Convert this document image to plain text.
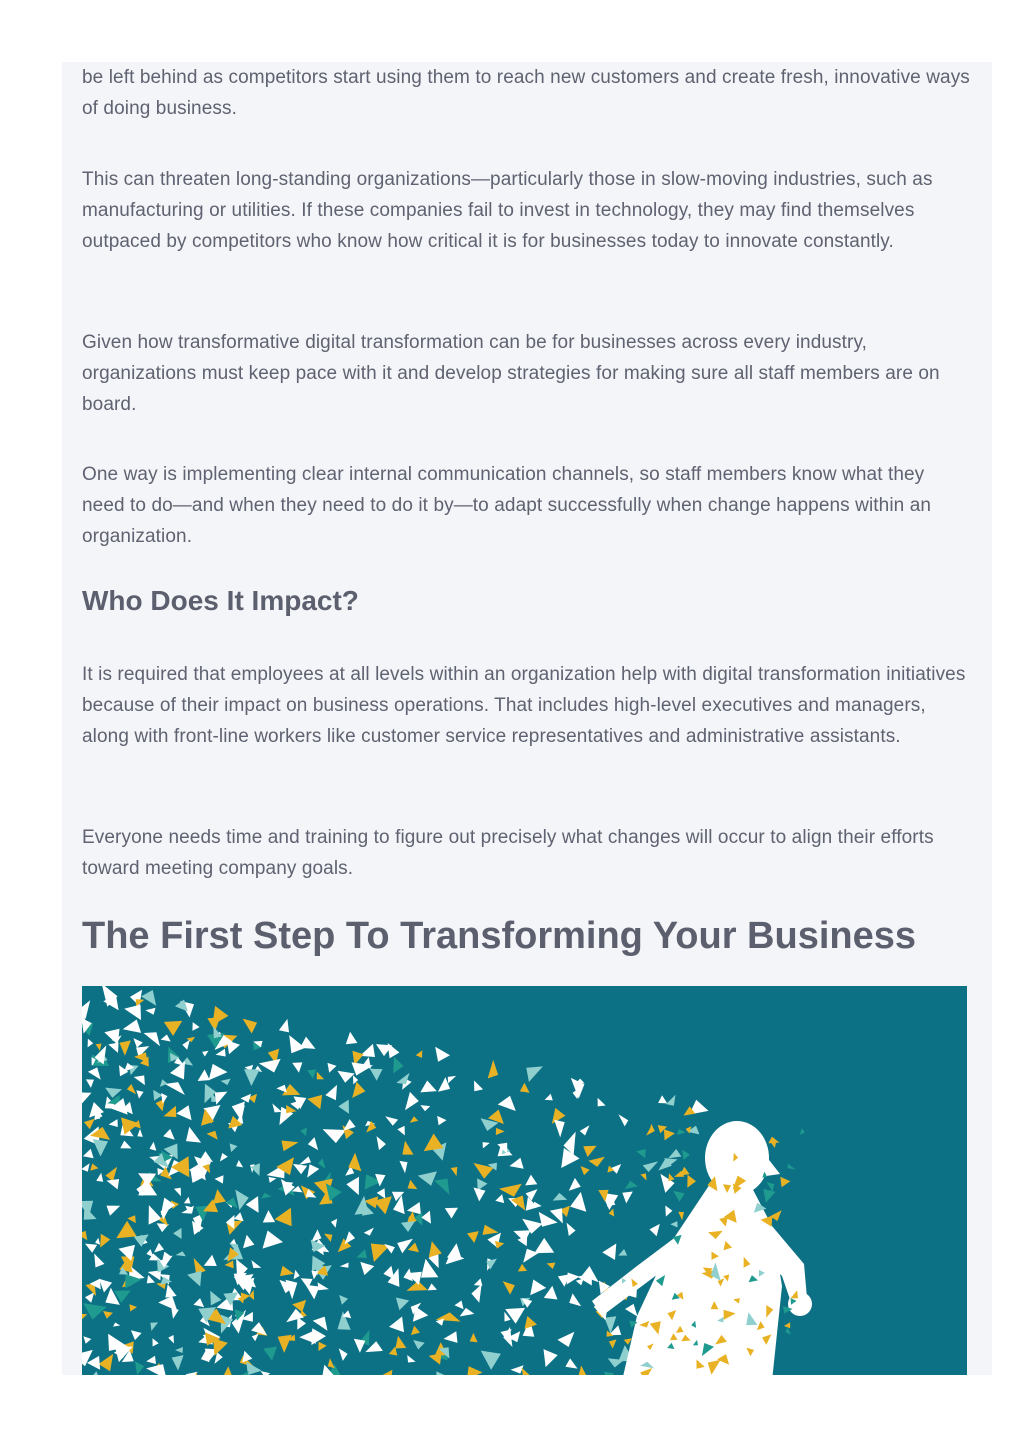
be left behind as competitors start using them to reach new customers and create fresh, innovative ways of doing business.

This can threaten long-standing organizations—particularly those in slow-moving industries, such as manufacturing or utilities. If these companies fail to invest in technology, they may find themselves outpaced by competitors who know how critical it is for businesses today to innovate constantly.

Given how transformative digital transformation can be for businesses across every industry, organizations must keep pace with it and develop strategies for making sure all staff members are on board.

One way is implementing clear internal communication channels, so staff members know what they need to do—and when they need to do it by—to adapt successfully when change happens within an organization.

Who Does It Impact?

It is required that employees at all levels within an organization help with digital transformation initiatives because of their impact on business operations. That includes high-level executives and managers, along with front-line workers like customer service representatives and administrative assistants.

Everyone needs time and training to figure out precisely what changes will occur to align their efforts toward meeting company goals.

The First Step To Transforming Your Business
